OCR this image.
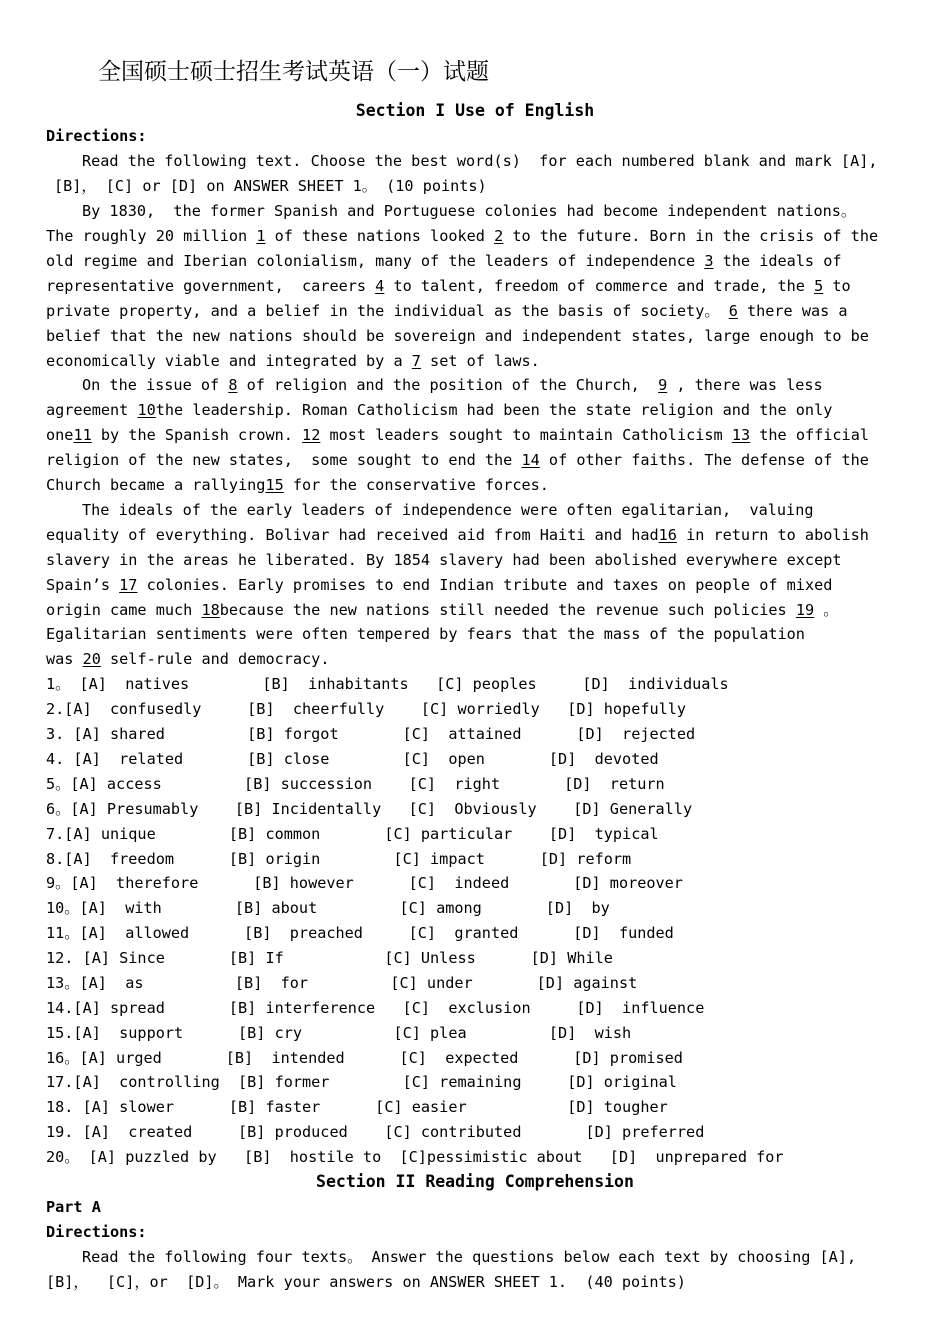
全国硕士硕士招生考试英语（一）试题
Section I Use of English
Directions:
Read the following text. Choose the best word(s)  for each numbered blank and mark [A],
[B]， [C] or [D] on ANSWER SHEET 1。 (10 points)
By 1830,  the former Spanish and Portuguese colonies had become independent nations。
The roughly 20 million 1 of these nations looked 2 to the future. Born in the crisis of the
old regime and Iberian colonialism, many of the leaders of independence 3 the ideals of
representative government,  careers 4 to talent, freedom of commerce and trade, the 5 to
private property, and a belief in the individual as the basis of society。 6 there was a
belief that the new nations should be sovereign and independent states, large enough to be
economically viable and integrated by a 7 set of laws.
On the issue of 8 of religion and the position of the Church,  9 , there was less
agreement 10the leadership. Roman Catholicism had been the state religion and the only
one11 by the Spanish crown. 12 most leaders sought to maintain Catholicism 13 the official
religion of the new states,  some sought to end the 14 of other faiths. The defense of the
Church became a rallying15 for the conservative forces.
The ideals of the early leaders of independence were often egalitarian,  valuing
equality of everything. Bolivar had received aid from Haiti and had16 in return to abolish
slavery in the areas he liberated. By 1854 slavery had been abolished everywhere except
Spain’s 17 colonies. Early promises to end Indian tribute and taxes on people of mixed
origin came much 18because the new nations still needed the revenue such policies 19 。
Egalitarian sentiments were often tempered by fears that the mass of the population
was 20 self-rule and democracy.
1。 [A]  natives        [B]  inhabitants   [C] peoples     [D]  individuals
2.[A]  confusedly     [B]  cheerfully    [C] worriedly   [D] hopefully
3. [A] shared         [B] forgot       [C]  attained      [D]  rejected
4. [A]  related       [B] close        [C]  open       [D]  devoted
5。[A] access         [B] succession    [C]  right       [D]  return
6。[A] Presumably    [B] Incidentally   [C]  Obviously    [D] Generally
7.[A] unique        [B] common       [C] particular    [D]  typical
8.[A]  freedom      [B] origin        [C] impact      [D] reform
9。[A]  therefore      [B] however      [C]  indeed       [D] moreover
10。[A]  with        [B] about         [C] among       [D]  by
11。[A]  allowed      [B]  preached     [C]  granted      [D]  funded
12. [A] Since       [B] If           [C] Unless      [D] While
13。[A]  as          [B]  for         [C] under       [D] against
14.[A] spread       [B] interference   [C]  exclusion     [D]  influence
15.[A]  support      [B] cry          [C] plea         [D]  wish
16。[A] urged       [B]  intended      [C]  expected      [D] promised
17.[A]  controlling  [B] former        [C] remaining     [D] original
18. [A] slower      [B] faster      [C] easier           [D] tougher
19. [A]  created     [B] produced    [C] contributed       [D] preferred
20。 [A] puzzled by   [B]  hostile to  [C]pessimistic about   [D]  unprepared for
Section II Reading Comprehension
Part A
Directions:
Read the following four texts。 Answer the questions below each text by choosing [A],
[B]，  [C]，or  [D]。 Mark your answers on ANSWER SHEET 1.  (40 points)
